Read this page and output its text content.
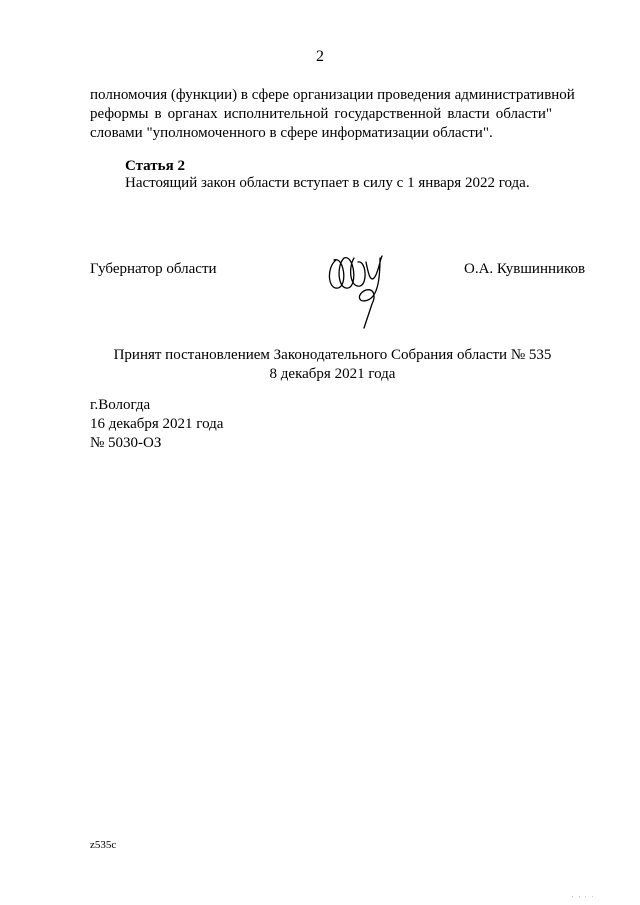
2
полномочия (функции) в сфере организации проведения административной
реформы в органах исполнительной государственной власти области"
словами "уполномоченного в сфере информатизации области".
Статья 2
Настоящий закон области вступает в силу с 1 января 2022 года.
Губернатор области	О.А. Кувшинников
Принят постановлением Законодательного Собрания области № 535
8 декабря 2021 года
г.Вологда
16 декабря 2021 года
№ 5030-ОЗ
z535c
' ' ' '
